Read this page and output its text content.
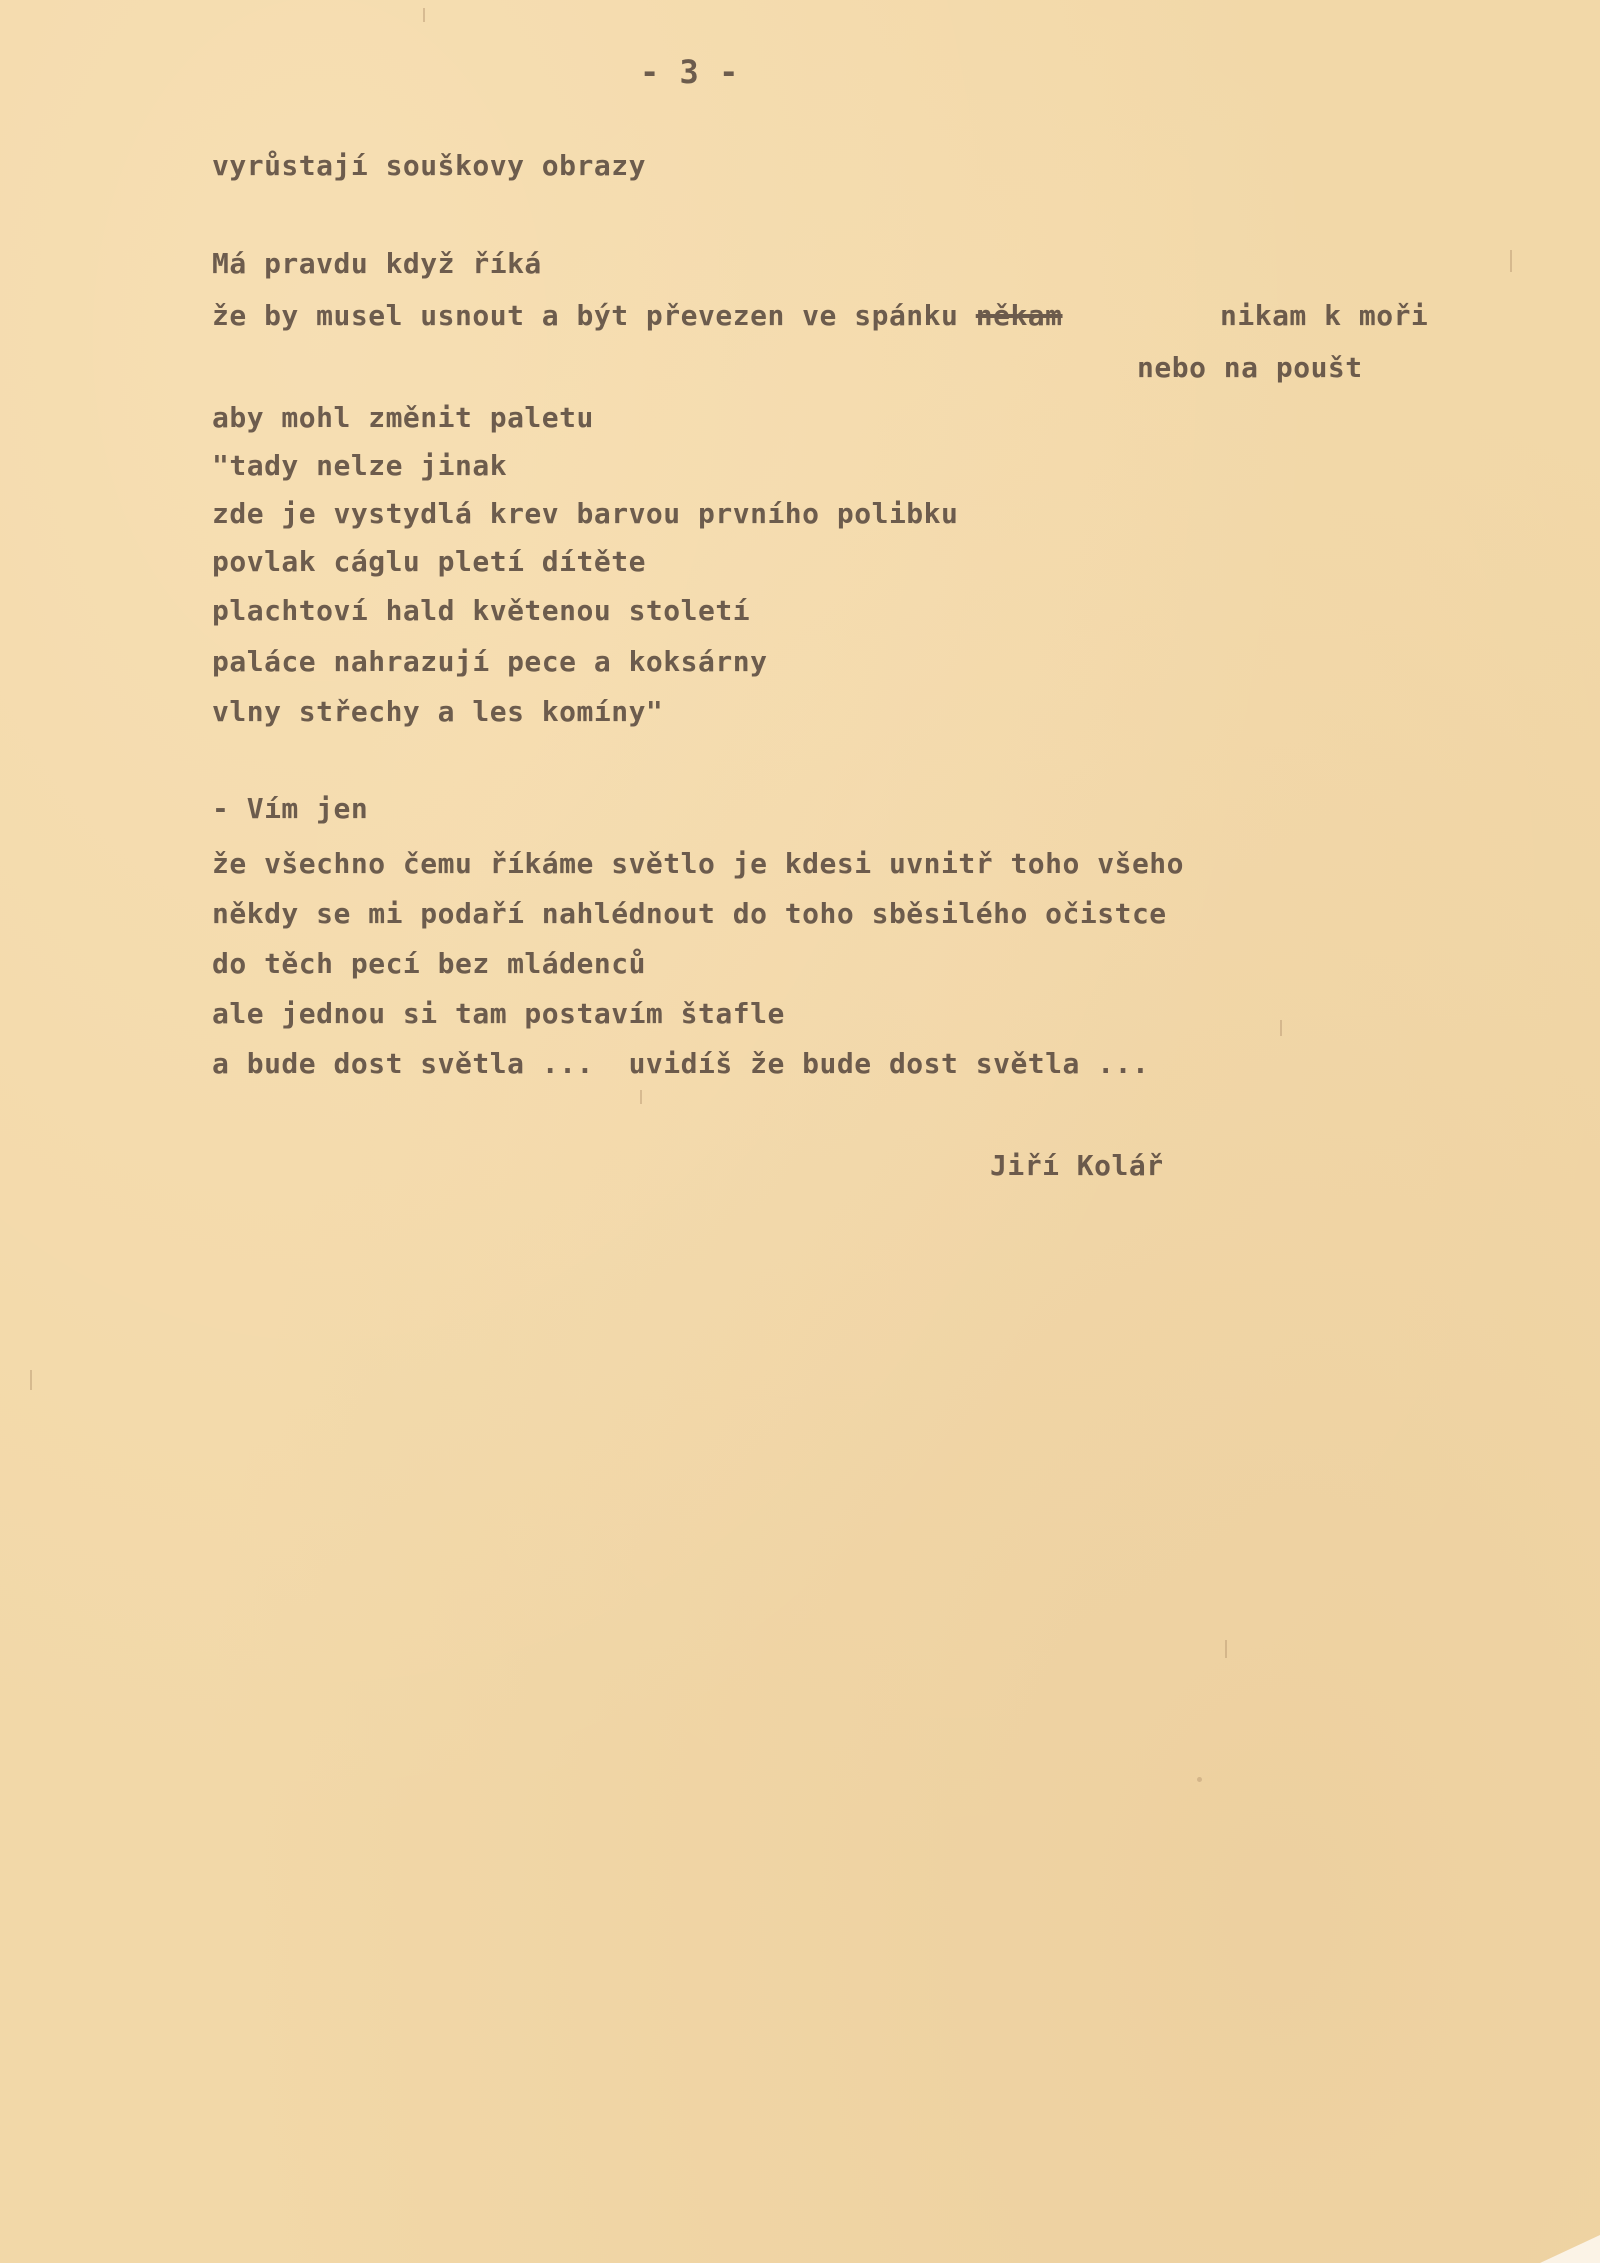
- 3 -
vyrůstají souškovy obrazy
Má pravdu když říká
že by musel usnout a být převezen ve spánku někam	nikam k moři
nebo na poušt
aby mohl změnit paletu
"tady nelze jinak
zde je vystydlá krev barvou prvního polibku
povlak cáglu pletí dítěte
plachtoví hald květenou století
paláce nahrazují pece a koksárny
vlny střechy a les komíny"
- Vím jen
že všechno čemu říkáme světlo je kdesi uvnitř toho všeho
někdy se mi podaří nahlédnout do toho sběsilého očistce
do těch pecí bez mládenců
ale jednou si tam postavím štafle
a bude dost světla ...  uvidíš že bude dost světla ...
Jiří Kolář
